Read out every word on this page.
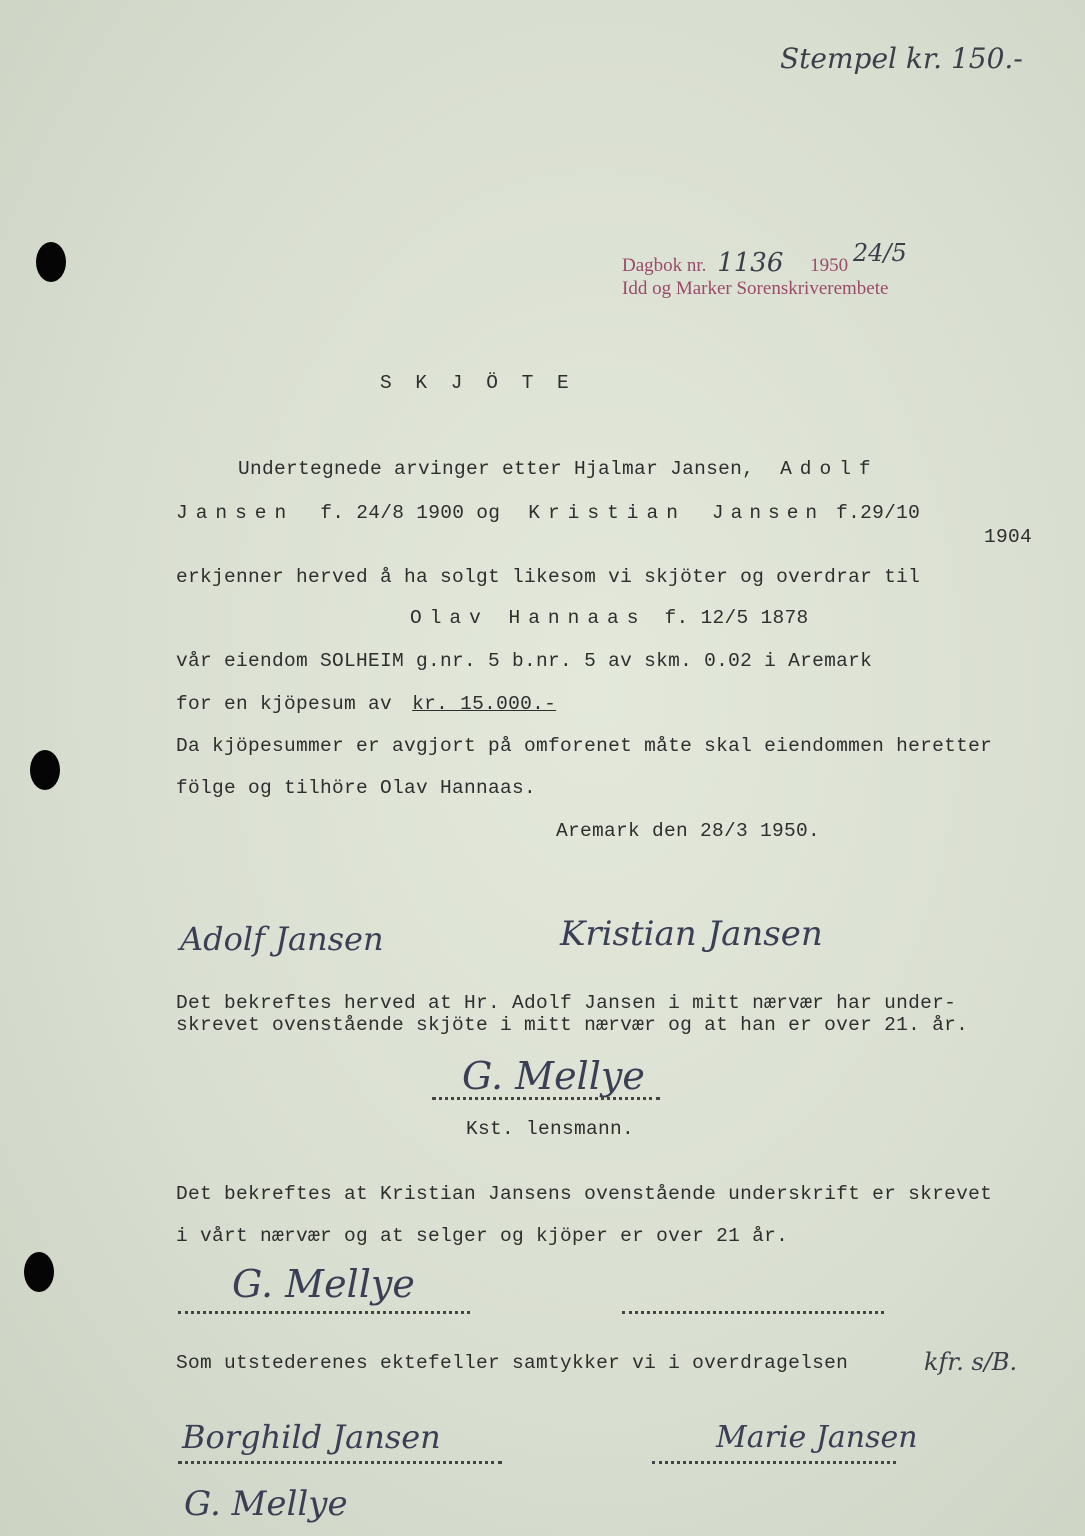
Stempel kr. 150.-
Dagbok nr. 1136 1950 24/5
Idd og Marker Sorenskriverembete
S K J Ö T E
Undertegnede arvinger etter Hjalmar Jansen, Adolf
Jansen f. 24/8 1900 og Kristian Jansen f.29/10
1904
erkjenner herved å ha solgt likesom vi skjöter og overdrar til
Olav Hannaas f. 12/5 1878
vår eiendom SOLHEIM g.nr. 5 b.nr. 5 av skm. 0.02 i Aremark
for en kjöpesum av kr. 15.000.-
Da kjöpesummer er avgjort på omforenet måte skal eiendommen heretter
fölge og tilhöre Olav Hannaas.
Aremark den 28/3 1950.
Adolf Jansen	Kristian Jansen
Det bekreftes herved at Hr. Adolf Jansen i mitt nærvær har under-
skrevet ovenstående skjöte i mitt nærvær og at han er over 21. år.
G. Mellye
Kst. lensmann.
Det bekreftes at Kristian Jansens ovenstående underskrift er skrevet
i vårt nærvær og at selger og kjöper er over 21 år.
G. Mellye
Som utstederenes ektefeller samtykker vi i overdragelsen	kfr. s/B.
Borghild Jansen	Marie Jansen
G. Mellye
